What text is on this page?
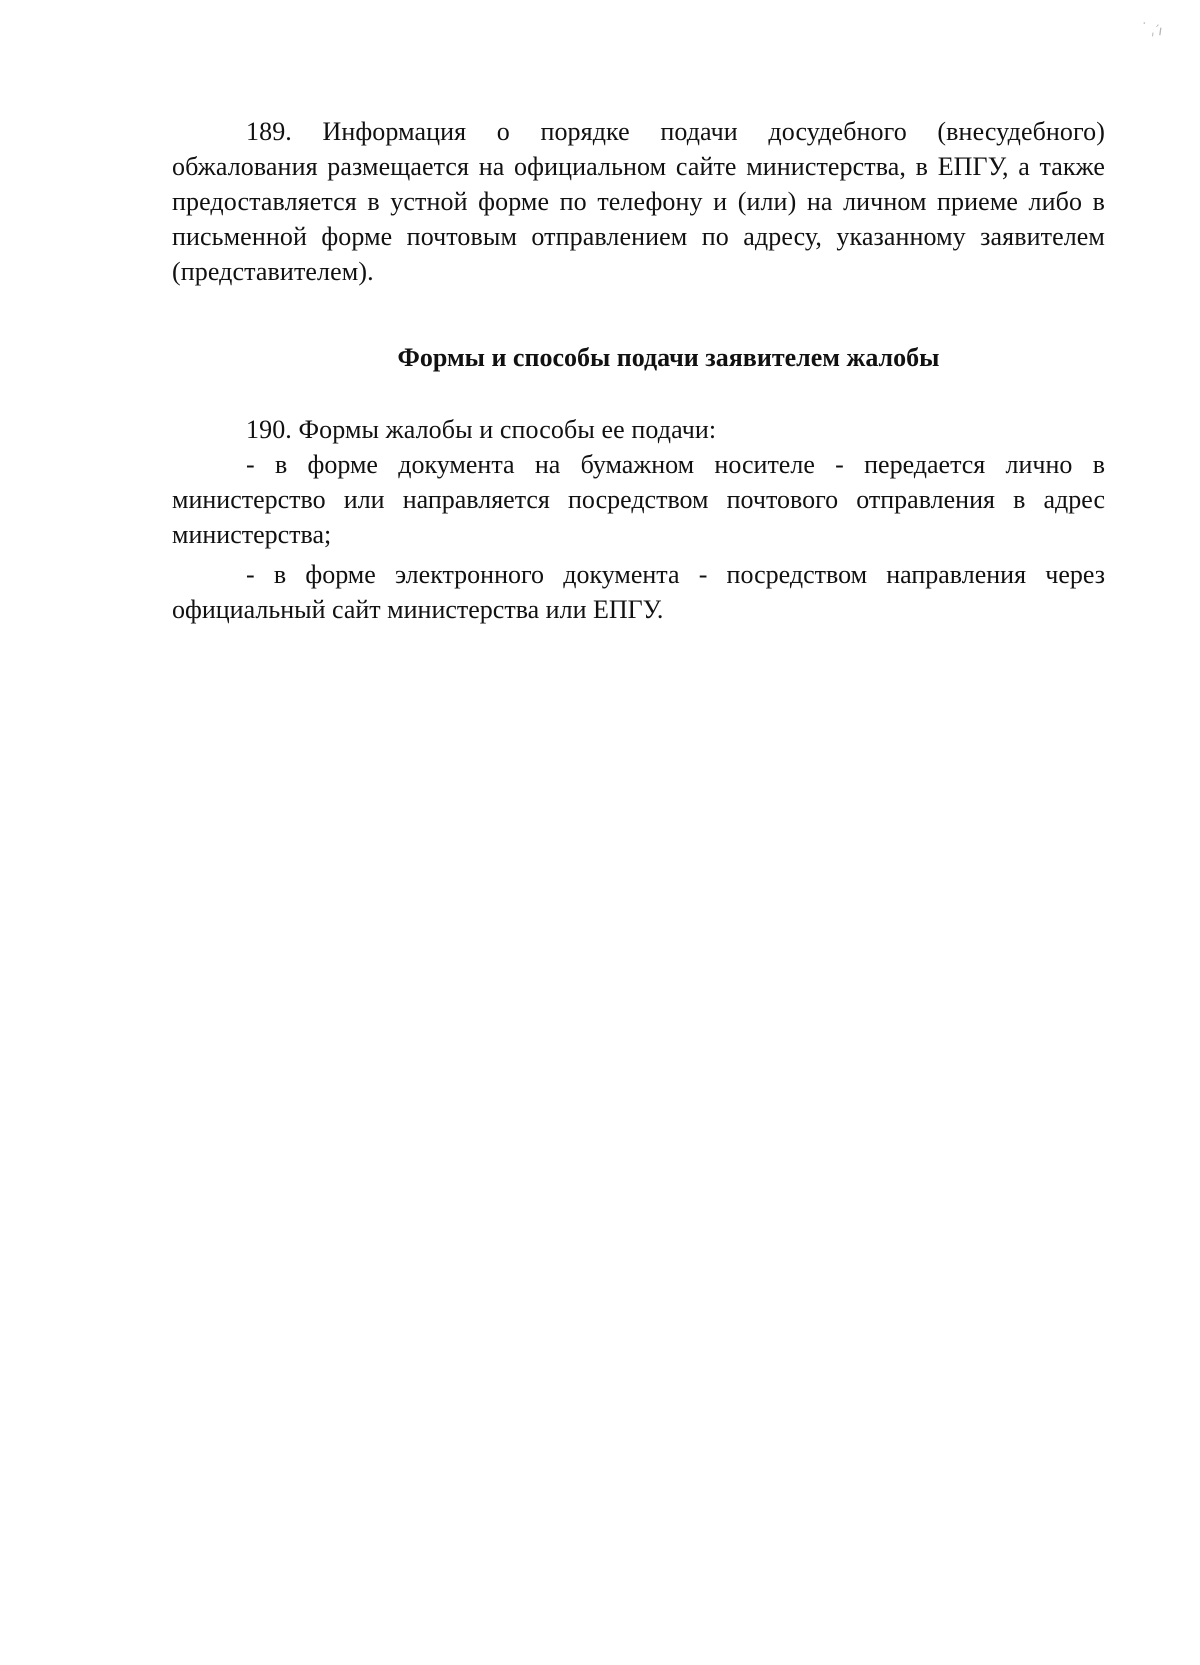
˙ ˌ′ı

189. Информация о порядке подачи досудебного (внесудебного) обжалования размещается на официальном сайте министерства, в ЕПГУ, а также предоставляется в устной форме по телефону и (или) на личном приеме либо в письменной форме почтовым отправлением по адресу, указанному заявителем (представителем).

Формы и способы подачи заявителем жалобы

190. Формы жалобы и способы ее подачи:

- в форме документа на бумажном носителе - передается лично в министерство или направляется посредством почтового отправления в адрес министерства;

- в форме электронного документа - посредством направления через официальный сайт министерства или ЕПГУ.
